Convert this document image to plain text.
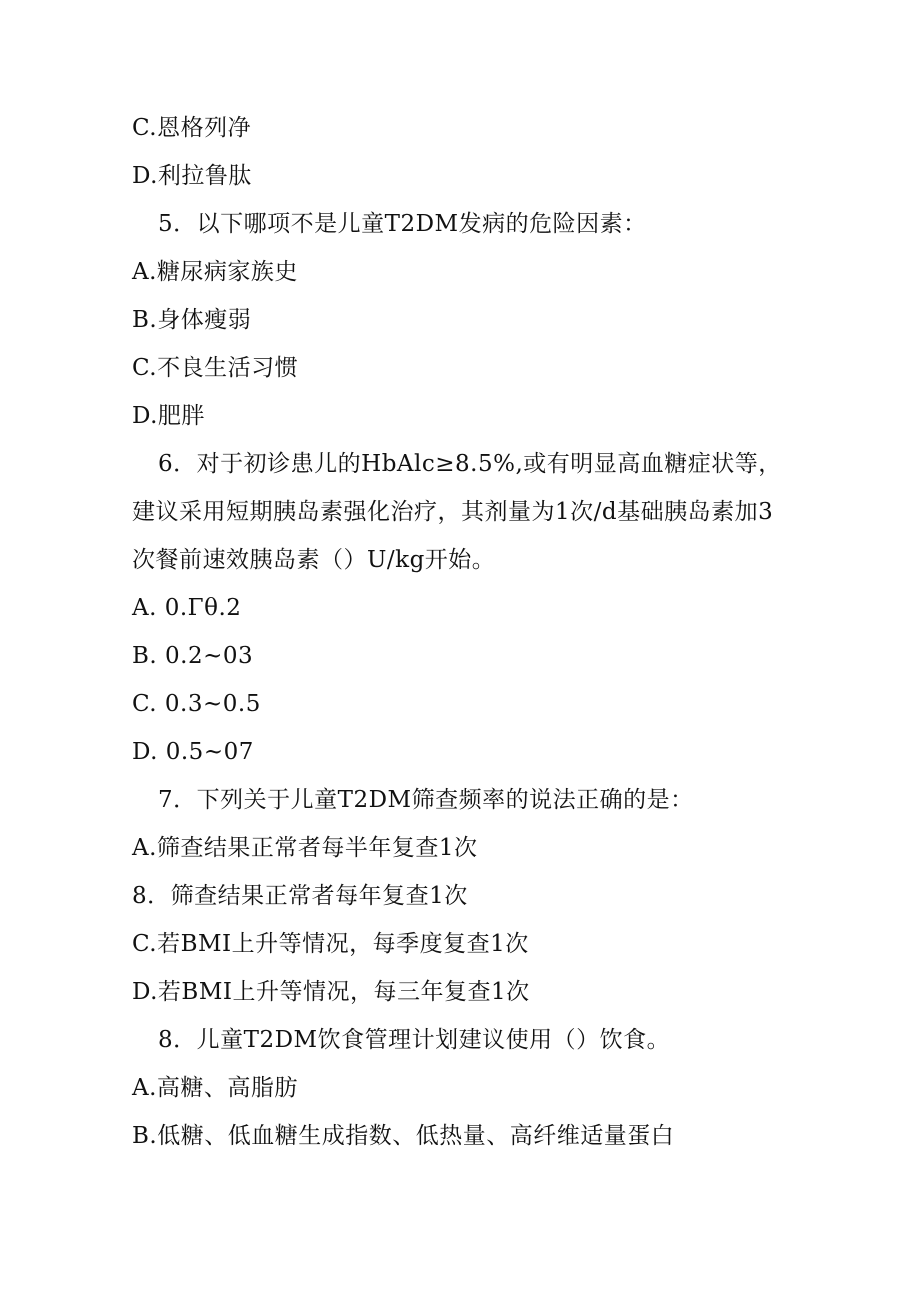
C.恩格列净
D.利拉鲁肽
5．以下哪项不是儿童T2DM发病的危险因素：
A.糖尿病家族史
B.身体瘦弱
C.不良生活习惯
D.肥胖
6．对于初诊患儿的HbAlc≥8.5%,或有明显高血糖症状等，
建议采用短期胰岛素强化治疗，其剂量为1次/d基础胰岛素加3
次餐前速效胰岛素（）U/kg开始。
A. 0.Γθ.2
B. 0.2~03
C. 0.3~0.5
D. 0.5~07
7．下列关于儿童T2DM筛查频率的说法正确的是：
A.筛查结果正常者每半年复查1次
8．筛查结果正常者每年复查1次
C.若BMI上升等情况，每季度复查1次
D.若BMI上升等情况，每三年复查1次
8．儿童T2DM饮食管理计划建议使用（）饮食。
A.高糖、高脂肪
B.低糖、低血糖生成指数、低热量、高纤维适量蛋白
